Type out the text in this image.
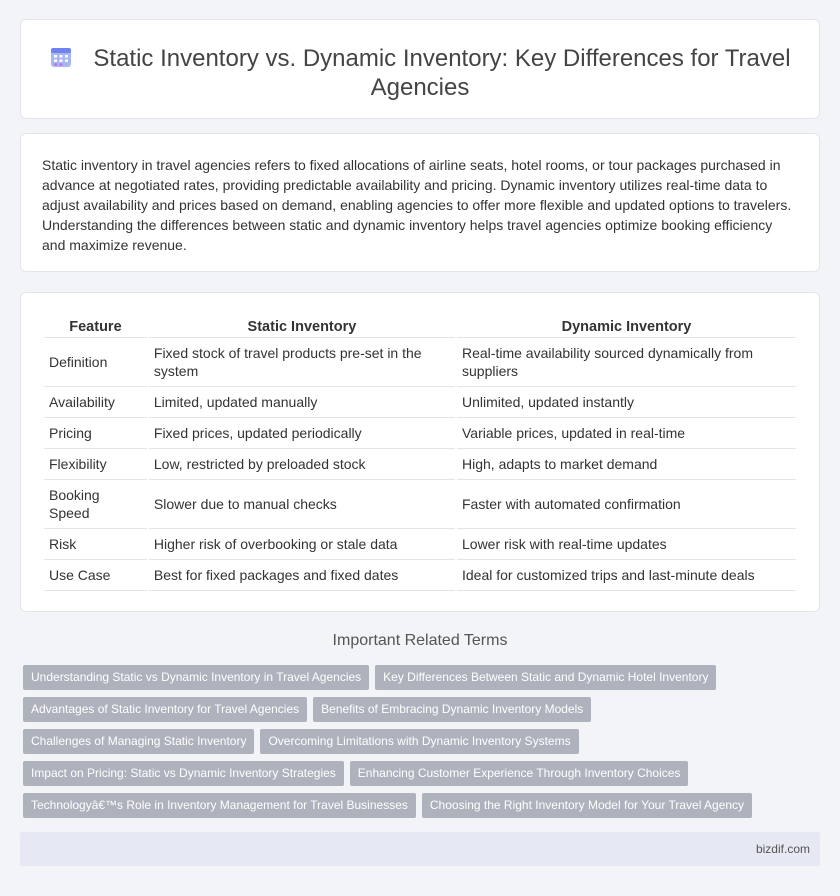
Static Inventory vs. Dynamic Inventory: Key Differences for Travel Agencies

Static inventory in travel agencies refers to fixed allocations of airline seats, hotel rooms, or tour packages purchased in advance at negotiated rates, providing predictable availability and pricing. Dynamic inventory utilizes real-time data to adjust availability and prices based on demand, enabling agencies to offer more flexible and updated options to travelers. Understanding the differences between static and dynamic inventory helps travel agencies optimize booking efficiency and maximize revenue.

Feature	Static Inventory	Dynamic Inventory
Definition	Fixed stock of travel products pre-set in the system	Real-time availability sourced dynamically from suppliers
Availability	Limited, updated manually	Unlimited, updated instantly
Pricing	Fixed prices, updated periodically	Variable prices, updated in real-time
Flexibility	Low, restricted by preloaded stock	High, adapts to market demand
Booking Speed	Slower due to manual checks	Faster with automated confirmation
Risk	Higher risk of overbooking or stale data	Lower risk with real-time updates
Use Case	Best for fixed packages and fixed dates	Ideal for customized trips and last-minute deals
Important Related Terms
Understanding Static vs Dynamic Inventory in Travel Agencies Key Differences Between Static and Dynamic Hotel Inventory
Advantages of Static Inventory for Travel Agencies Benefits of Embracing Dynamic Inventory Models
Challenges of Managing Static Inventory Overcoming Limitations with Dynamic Inventory Systems
Impact on Pricing: Static vs Dynamic Inventory Strategies Enhancing Customer Experience Through Inventory Choices
Technologyâ€™s Role in Inventory Management for Travel Businesses Choosing the Right Inventory Model for Your Travel Agency
bizdif.com
